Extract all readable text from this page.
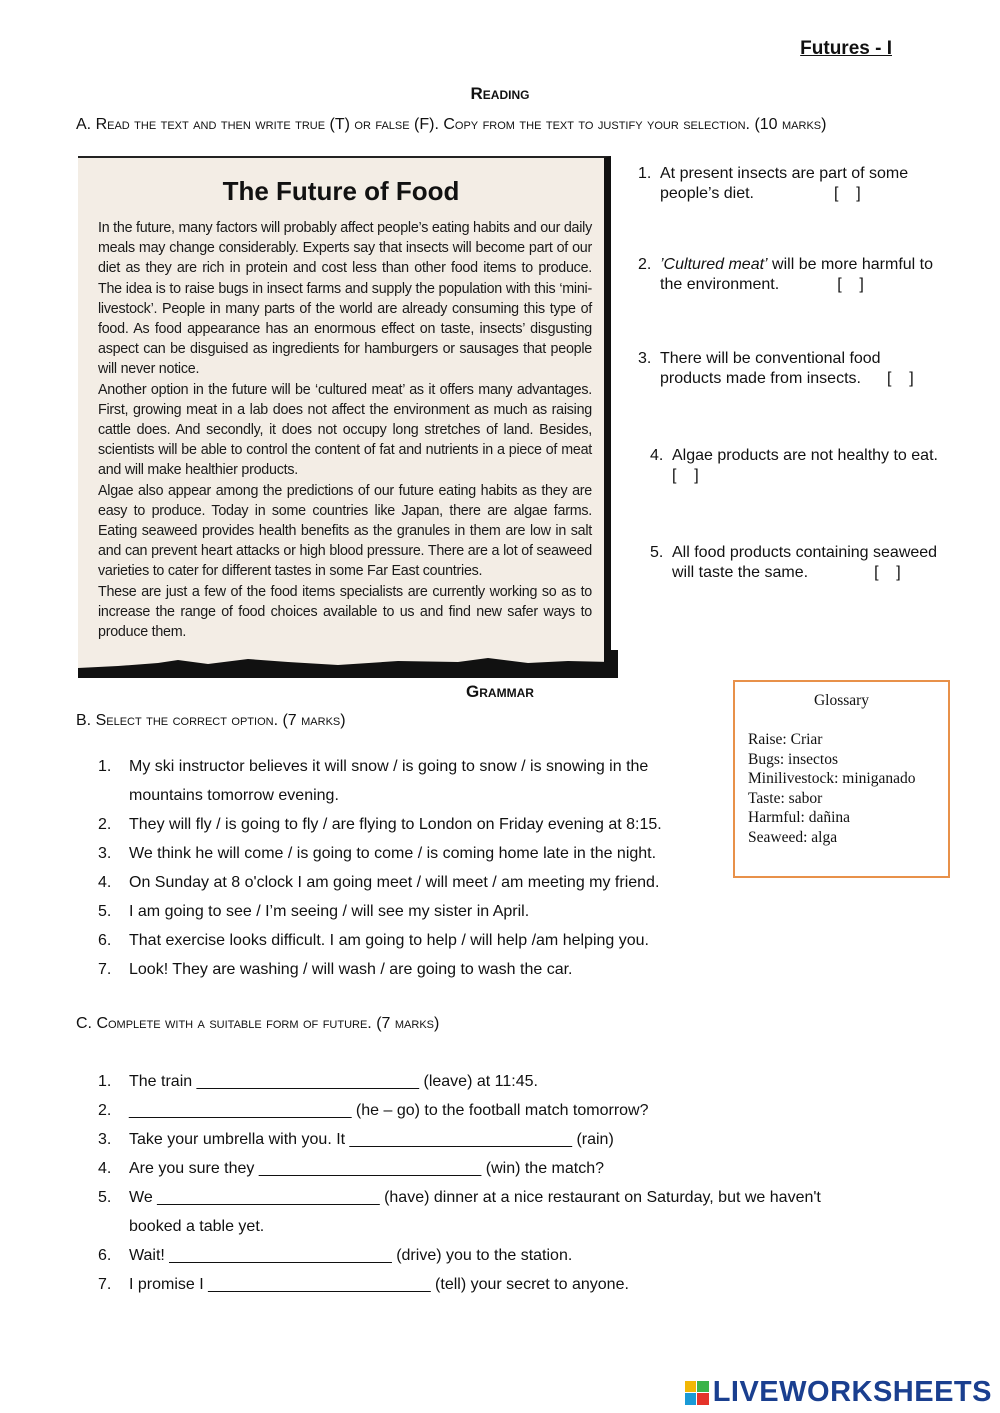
Futures - I
Reading
A. Read the text and then write true (T) or false (F). Copy from the text to justify your selection. (10 marks)
The Future of Food

In the future, many factors will probably affect people’s eating habits and our daily meals may change considerably. Experts say that insects will become part of our diet as they are rich in protein and cost less than other food items to produce. The idea is to raise bugs in insect farms and supply the population with this ‘mini-livestock’. People in many parts of the world are already consuming this type of food. As food appearance has an enormous effect on taste, insects’ disgusting aspect can be disguised as ingredients for hamburgers or sausages that people will never notice.

Another option in the future will be ‘cultured meat’ as it offers many advantages. First, growing meat in a lab does not affect the environment as much as raising cattle does. And secondly, it does not occupy long stretches of land. Besides, scientists will be able to control the content of fat and nutrients in a piece of meat and will make healthier products.

Algae also appear among the predictions of our future eating habits as they are easy to produce. Today in some countries like Japan, there are algae farms. Eating seaweed provides health benefits as the granules in them are low in salt and can prevent heart attacks or high blood pressure. There are a lot of seaweed varieties to cater for different tastes in some Far East countries.

These are just a few of the food items specialists are currently working so as to increase the range of food choices available to us and find new safer ways to produce them.

1. At present insects are part of some
people’s diet.	[    ]
2. ’Cultured meat’ will be more harmful to
the environment.	[    ]
3. There will be conventional food
products made from insects. [    ]
4. Algae products are not healthy to eat.
[    ]
5. All food products containing seaweed
will taste the same.	[    ]
Glossary
Raise: Criar
Bugs: insectos
Minilivestock: miniganado
Taste: sabor
Harmful: dañina
Seaweed: alga
Grammar
B. Select the correct option. (7 marks)
1. My ski instructor believes it will snow / is going to snow / is snowing in the
mountains tomorrow evening.
2. They will fly / is going to fly / are flying to London on Friday evening at 8:15.
3. We think he will come / is going to come / is coming home late in the night.
4. On Sunday at 8 o'clock I am going meet / will meet / am meeting my friend.
5. I am going to see / I’m seeing / will see my sister in April.
6. That exercise looks difficult. I am going to help / will help /am helping you.
7. Look! They are washing / will wash / are going to wash the car.
C. Complete with a suitable form of future. (7 marks)
1. The train _________________________ (leave) at 11:45.
2. _________________________ (he – go) to the football match tomorrow?
3. Take your umbrella with you. It _________________________ (rain)
4. Are you sure they _________________________ (win) the match?
5. We _________________________ (have) dinner at a nice restaurant on Saturday, but we haven't
booked a table yet.
6. Wait! _________________________ (drive) you to the station.
7. I promise I _________________________ (tell) your secret to anyone.
LIVEWORKSHEETS
